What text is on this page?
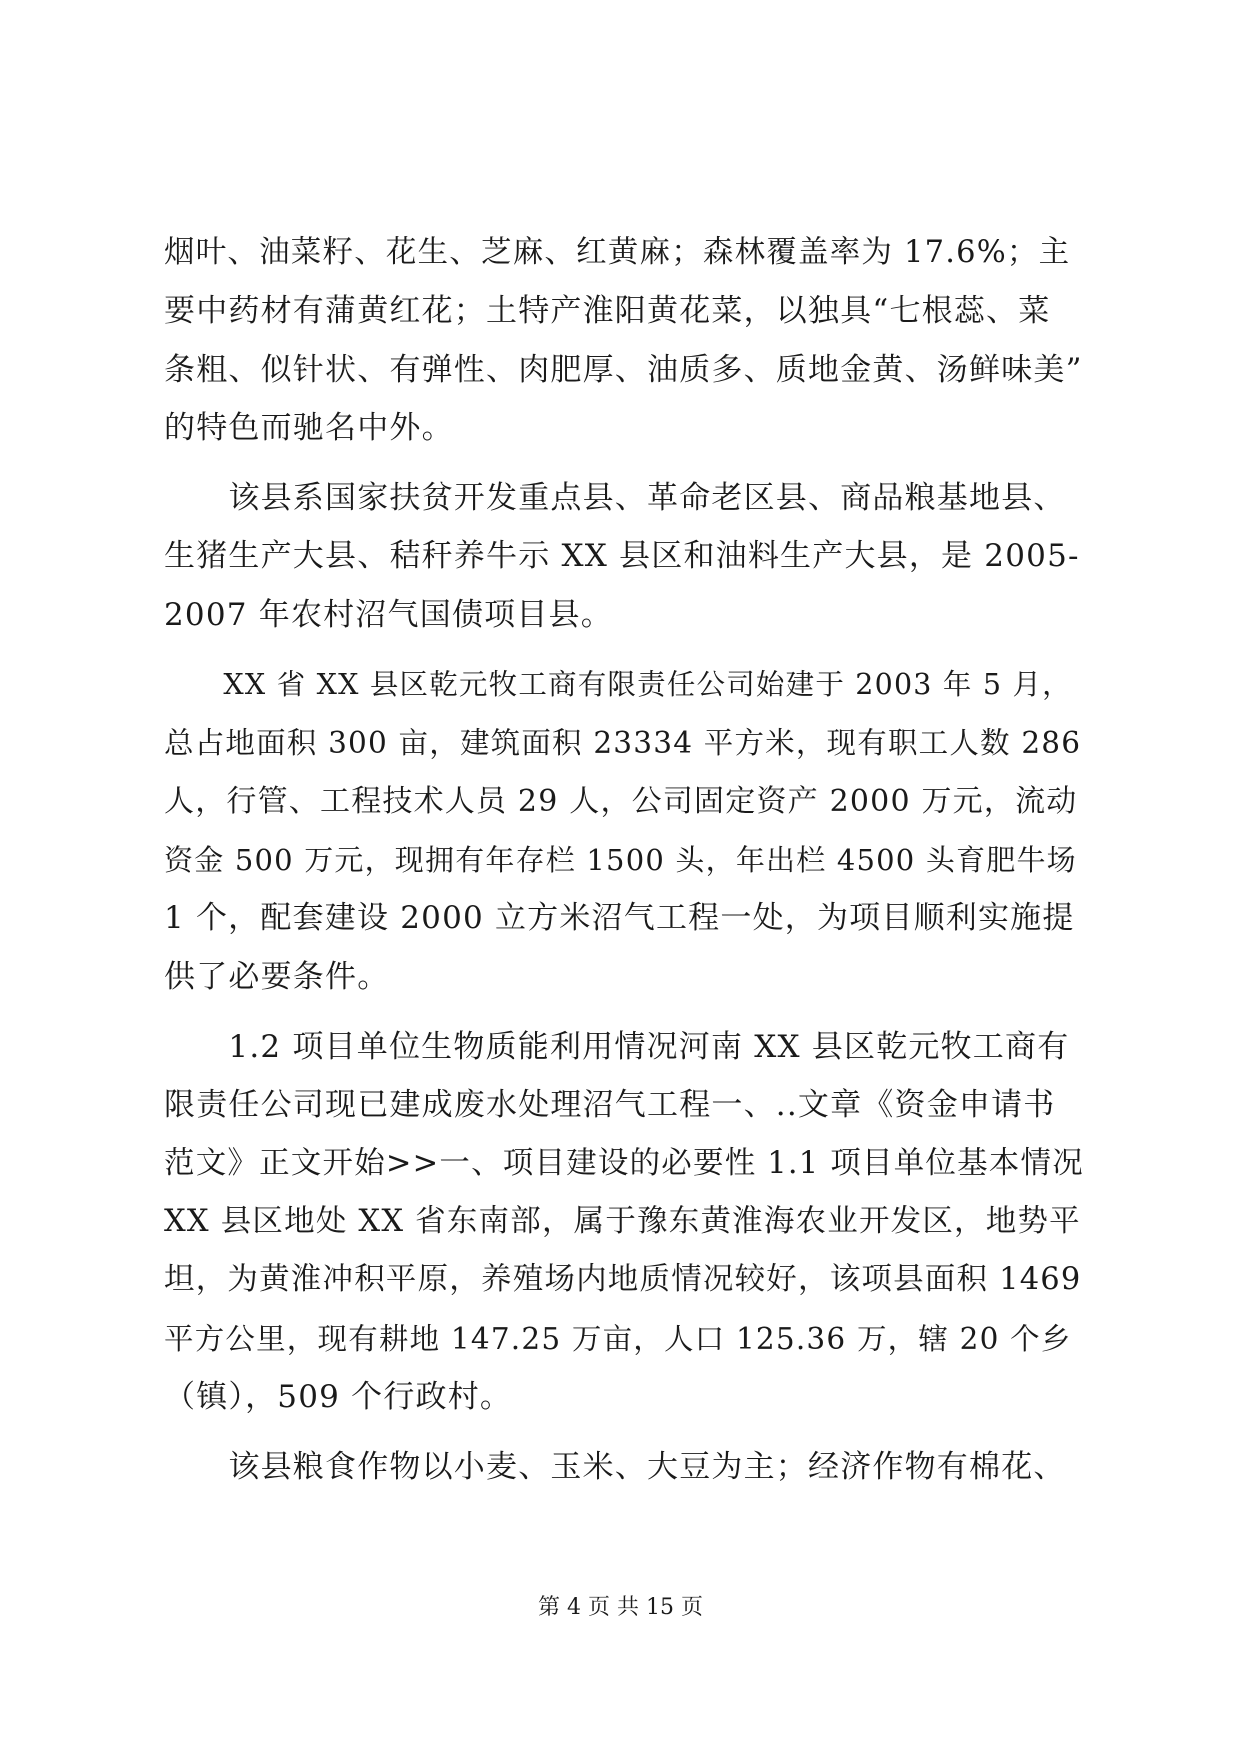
烟叶、油菜籽、花生、芝麻、红黄麻；森林覆盖率为 17.6%；主
要中药材有蒲黄红花；土特产淮阳黄花菜，以独具“七根蕊、菜
条粗、似针状、有弹性、肉肥厚、油质多、质地金黄、汤鲜味美”
的特色而驰名中外。
　　该县系国家扶贫开发重点县、革命老区县、商品粮基地县、
生猪生产大县、秸秆养牛示 XX 县区和油料生产大县，是 2005-
2007 年农村沼气国债项目县。
　　XX 省 XX 县区乾元牧工商有限责任公司始建于 2003 年 5 月，
总占地面积 300 亩，建筑面积 23334 平方米，现有职工人数 286
人，行管、工程技术人员 29 人，公司固定资产 2000 万元，流动
资金 500 万元，现拥有年存栏 1500 头，年出栏 4500 头育肥牛场
1 个，配套建设 2000 立方米沼气工程一处，为项目顺利实施提
供了必要条件。
　　1.2 项目单位生物质能利用情况河南 XX 县区乾元牧工商有
限责任公司现已建成废水处理沼气工程一、..文章《资金申请书
范文》正文开始>>一、项目建设的必要性 1.1 项目单位基本情况
XX 县区地处 XX 省东南部，属于豫东黄淮海农业开发区，地势平
坦，为黄淮冲积平原，养殖场内地质情况较好，该项县面积 1469
平方公里，现有耕地 147.25 万亩，人口 125.36 万，辖 20 个乡
（镇），509 个行政村。
　　该县粮食作物以小麦、玉米、大豆为主；经济作物有棉花、
第 4 页 共 15 页
